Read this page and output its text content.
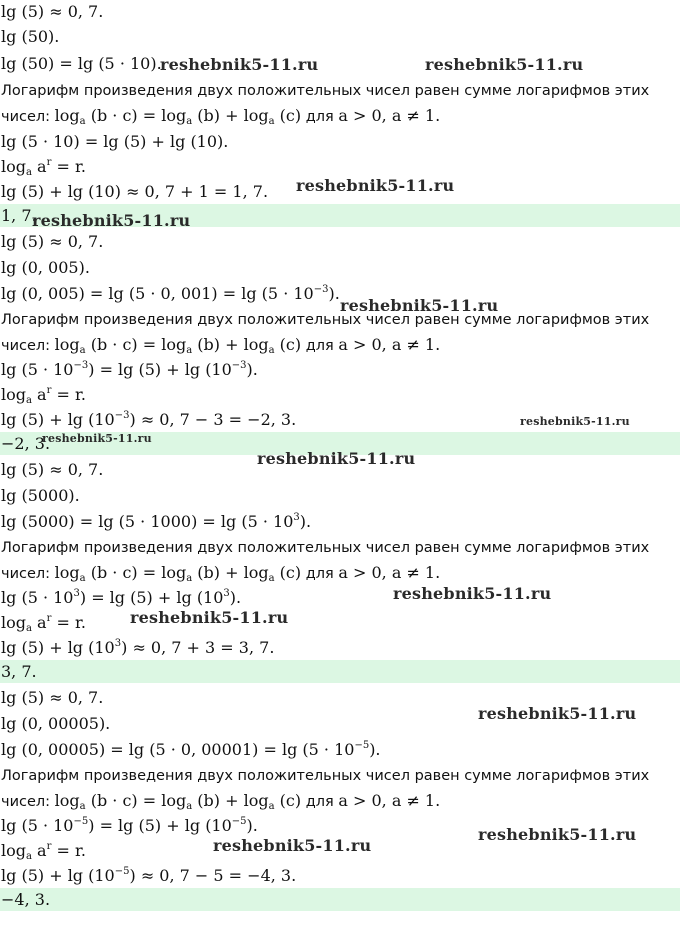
lg (5) ≈ 0, 7.
lg (50).
lg (50) = lg (5 · 10).
Логарифм произведения двух положительных чисел равен сумме логарифмов этих
чисел: $\log_a (b \cdot c) = \log_a (b) + \log_a (c)$ для a > 0, a ≠ 1.
lg (5 · 10) = lg (5) + lg (10).
$\log_a a^r = r$.
lg (5) + lg (10) ≈ 0, 7 + 1 = 1, 7.
1, 7.
lg (5) ≈ 0, 7.
lg (0, 005).
lg (0, 005) = lg (5 · 0, $001) = \lg (5 \cdot 10^{-3})$.
Логарифм произведения двух положительных чисел равен сумме логарифмов этих
чисел: $\log_a (b \cdot c) = \log_a (b) + \log_a (c)$ для a > 0, a ≠ 1.
$\lg (5 \cdot 10^{-3}) = \lg (5) + \lg (10^{-3})$.
$\log_a a^r = r$.
$\lg (5) + \lg (10^{-3}) \approx 0$, 7 − 3 = −2, 3.
−2, 3.
lg (5) ≈ 0, 7.
lg (5000).
$\lg (5000) = \lg (5 \cdot 1000) = \lg (5 \cdot 10^3)$.
Логарифм произведения двух положительных чисел равен сумме логарифмов этих
чисел: $\log_a (b \cdot c) = \log_a (b) + \log_a (c)$ для a > 0, a ≠ 1.
$\lg (5 \cdot 10^3) = \lg (5) + \lg (10^3)$.
$\log_a a^r = r$.
$\lg (5) + \lg (10^3) \approx 0$, 7 + 3 = 3, 7.
3, 7.
lg (5) ≈ 0, 7.
lg (0, 00005).
lg (0, 00005) = lg (5 · 0, $00001) = \lg (5 \cdot 10^{-5})$.
Логарифм произведения двух положительных чисел равен сумме логарифмов этих
чисел: $\log_a (b \cdot c) = \log_a (b) + \log_a (c)$ для a > 0, a ≠ 1.
$\lg (5 \cdot 10^{-5}) = \lg (5) + \lg (10^{-5})$.
$\log_a a^r = r$.
$\lg (5) + \lg (10^{-5}) \approx 0$, 7 − 5 = −4, 3.
−4, 3.
reshebnik5-11.ru	reshebnik5-11.ru
reshebnik5-11.ru
reshebnik5-11.ru
reshebnik5-11.ru
reshebnik5-11.ru
reshebnik5-11.ru
reshebnik5-11.ru
reshebnik5-11.ru
reshebnik5-11.ru
reshebnik5-11.ru
reshebnik5-11.ru
reshebnik5-11.ru
